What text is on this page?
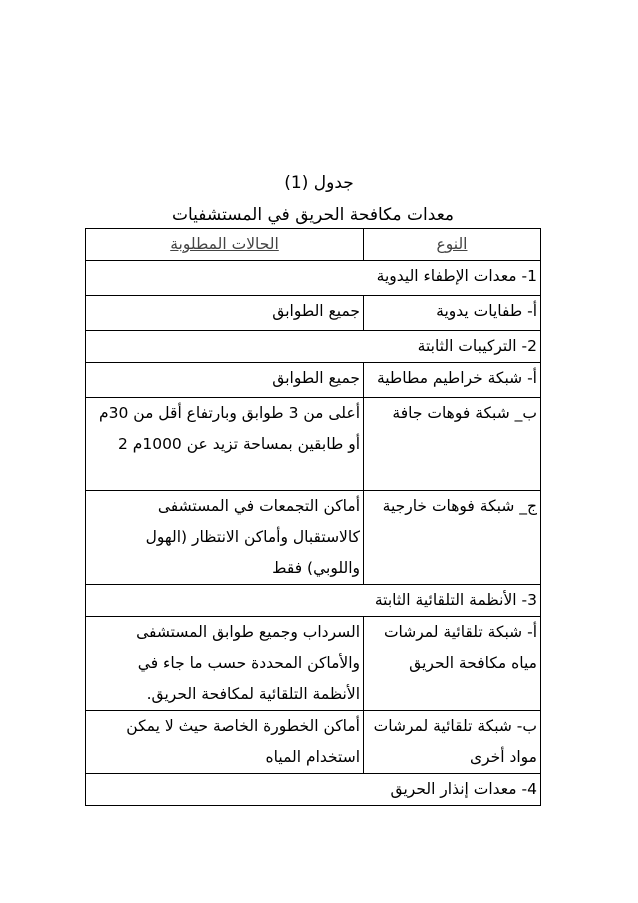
جدول (1)
معدات مكافحة الحريق في المستشفيات
النوع	الحالات المطلوبة
1- معدات الإطفاء اليدوية	
أ- طفايات يدوية	جميع الطوابق
2- التركيبات الثابتة	
أ- شبكة خراطيم مطاطية	جميع الطوابق
ب_ شبكة فوهات جافة	أعلى من 3 طوابق وبارتفاع أقل من 30م أو طابقين بمساحة تزيد عن 1000م 2
ج_ شبكة فوهات خارجية	أماكن التجمعات في المستشفى كالاستقبال وأماكن الانتظار (الهول واللوبي) فقط
3- الأنظمة التلقائية الثابتة	
أ- شبكة تلقائية لمرشات مياه مكافحة الحريق	السرداب وجميع طوابق المستشفى والأماكن المحددة حسب ما جاء في الأنظمة التلقائية لمكافحة الحريق.
ب- شبكة تلقائية لمرشات مواد أخرى	أماكن الخطورة الخاصة حيث لا يمكن استخدام المياه
4- معدات إنذار الحريق	
